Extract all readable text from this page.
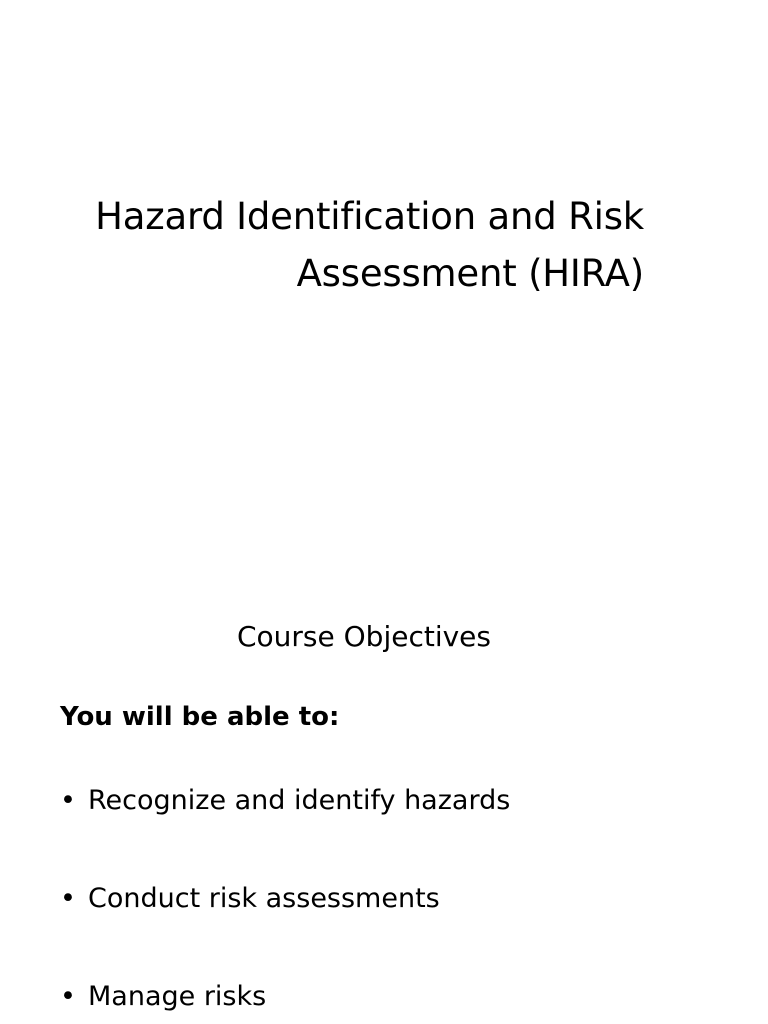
Hazard Identification and Risk
Assessment (HIRA)
Course Objectives

You will be able to:

• Recognize and identify hazards
• Conduct risk assessments
• Manage risks
